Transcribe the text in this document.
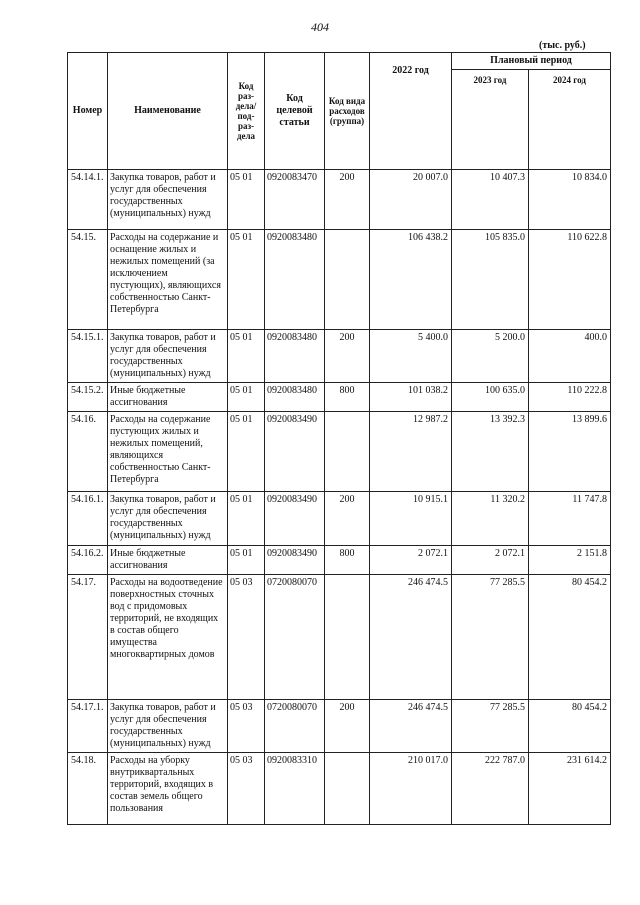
404
(тыс. руб.)
Номер	Наименование	Код раз- дела/ под- раз- дела	Код целевой статьи	Код вида расходов (группа)	2022 год	Плановый период	
						2023 год	2024 год
54.14.1.	Закупка товаров, работ и услуг для обеспечения государственных (муниципальных) нужд	05 01	0920083470	200	20 007.0	10 407.3	10 834.0
54.15.	Расходы на содержание и оснащение жилых и нежилых помещений (за исключением пустующих), являющихся собственностью Санкт-Петербурга	05 01	0920083480		106 438.2	105 835.0	110 622.8
54.15.1.	Закупка товаров, работ и услуг для обеспечения государственных (муниципальных) нужд	05 01	0920083480	200	5 400.0	5 200.0	400.0
54.15.2.	Иные бюджетные ассигнования	05 01	0920083480	800	101 038.2	100 635.0	110 222.8
54.16.	Расходы на содержание пустующих жилых и нежилых помещений, являющихся собственностью Санкт-Петербурга	05 01	0920083490		12 987.2	13 392.3	13 899.6
54.16.1.	Закупка товаров, работ и услуг для обеспечения государственных (муниципальных) нужд	05 01	0920083490	200	10 915.1	11 320.2	11 747.8
54.16.2.	Иные бюджетные ассигнования	05 01	0920083490	800	2 072.1	2 072.1	2 151.8
54.17.	Расходы на водоотведение поверхностных сточных вод с придомовых территорий, не входящих в состав общего имущества многоквартирных домов	05 03	0720080070		246 474.5	77 285.5	80 454.2
54.17.1.	Закупка товаров, работ и услуг для обеспечения государственных (муниципальных) нужд	05 03	0720080070	200	246 474.5	77 285.5	80 454.2
54.18.	Расходы на уборку внутриквартальных территорий, входящих в состав земель общего пользования	05 03	0920083310		210 017.0	222 787.0	231 614.2
